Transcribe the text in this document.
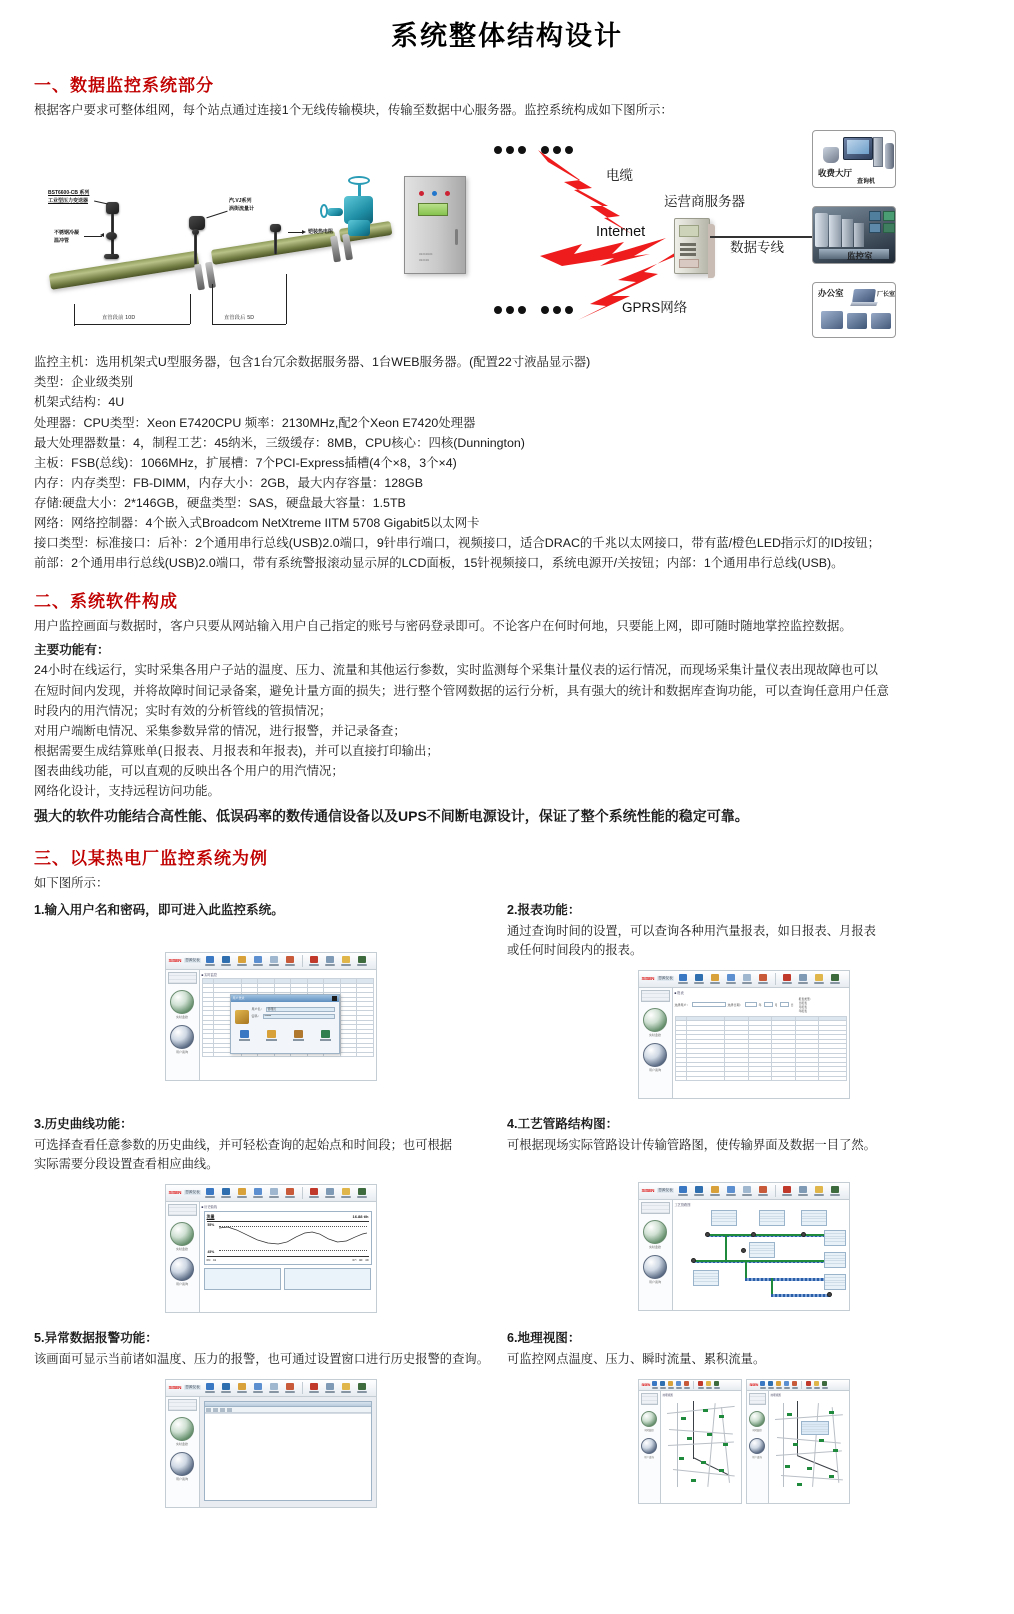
系统整体结构设计
一、数据监控系统部分

根据客户要求可整体组网，每个站点通过连接1个无线传输模块，传输至数据中心服务器。监控系统构成如下图所示：

BST6600-CB 系列
工业型压力变送器
不锈钢冷凝
温冲管
汽.VJ系列
涡街流量计
铠装热电阻
直管段前 10D	直管段后 5D
▭▭▭▭
▭▭▭
电缆
Internet
GPRS网络
运营商服务器
数据专线
收费大厅
查询机
监控室
办公室	厂长室

监控主机：选用机架式U型服务器，包含1台冗余数据服务器、1台WEB服务器。(配置22寸液晶显示器)

类型：企业级类别

机架式结构：4U

处理器：CPU类型：Xeon E7420CPU 频率：2130MHz,配2个Xeon E7420处理器

最大处理器数量：4，制程工艺：45纳米，三级缓存：8MB，CPU核心：四核(Dunnington)

主板：FSB(总线)：1066MHz，扩展槽：7个PCI-Express插槽(4个×8，3个×4)

内存：内存类型：FB-DIMM，内存大小：2GB，最大内存容量：128GB

存储:硬盘大小：2*146GB，硬盘类型：SAS，硬盘最大容量：1.5TB

网络：网络控制器：4个嵌入式Broadcom NetXtreme IITM 5708 Gigabit5以太网卡

接口类型：标准接口：后补：2个通用串行总线(USB)2.0端口，9针串行端口，视频接口，适合DRAC的千兆以太网接口，带有蓝/橙色LED指示灯的ID按钮；

前部：2个通用串行总线(USB)2.0端口，带有系统警报滚动显示屏的LCD面板，15针视频接口，系统电源开/关按钮；内部：1个通用串行总线(USB)。

二、系统软件构成

用户监控画面与数据时，客户只要从网站输入用户自己指定的账号与密码登录即可。不论客户在何时何地，只要能上网，即可随时随地掌控监控数据。

主要功能有：

24小时在线运行，实时采集各用户子站的温度、压力、流量和其他运行参数，实时监测每个采集计量仪表的运行情况，而现场采集计量仪表出现故障也可以

在短时间内发现，并将故障时间记录备案，避免计量方面的损失；进行整个管网数据的运行分析，具有强大的统计和数据库查询功能，可以查询任意用户任意

时段内的用汽情况；实时有效的分析管线的管损情况；

对用户端断电情况、采集参数异常的情况，进行报警，并记录备查；

根据需要生成结算账单(日报表、月报表和年报表)，并可以直接打印输出；

图表曲线功能，可以直观的反映出各个用户的用汽情况；

网络化设计，支持远程访问功能。

强大的软件功能结合高性能、低误码率的数传通信设备以及UPS不间断电源设计，保证了整个系统性能的稳定可靠。

三、以某热电厂监控系统为例

如下图所示：

1.输入用户名和密码，即可进入此监控系统。

SISEN 思源仪表
实时监控
用户查询
■ 实时监控

用户登录
用户名： 管理员
密码： ******

2.报表功能：

通过查询时间的设置，可以查询各种用汽量报表，如日报表、月报表

或任何时间段内的报表。

SISEN 思源仪表
实时监控
用户查询
■ 报表
选择用户：	选择日期：	年	月	日
报表类型：
日报表
月报表
年报表

3.历史曲线功能：

可选择查看任意参数的历史曲线，并可轻松查询的起始点和时间段；也可根据

实际需要分段设置查看相应曲线。

SISEN 思源仪表
实时监控
用户查询
■ 历史曲线
流量	16.88 t/h
55%
45%
09：41	07：40：49

4.工艺管路结构图：

可根据现场实际管路设计传输管路图，使传输界面及数据一目了然。

SISEN 思源仪表
实时监控
用户查询
工艺管路图

5.异常数据报警功能：

该画面可显示当前诸如温度、压力的报警，也可通过设置窗口进行历史报警的查询。

SISEN 思源仪表
实时监控
用户查询

6.地理视图：

可监控网点温度、压力、瞬时流量、累积流量。

SISEN
实时监控
用户查询
地理视图
SISEN
实时监控
用户查询
地理视图
